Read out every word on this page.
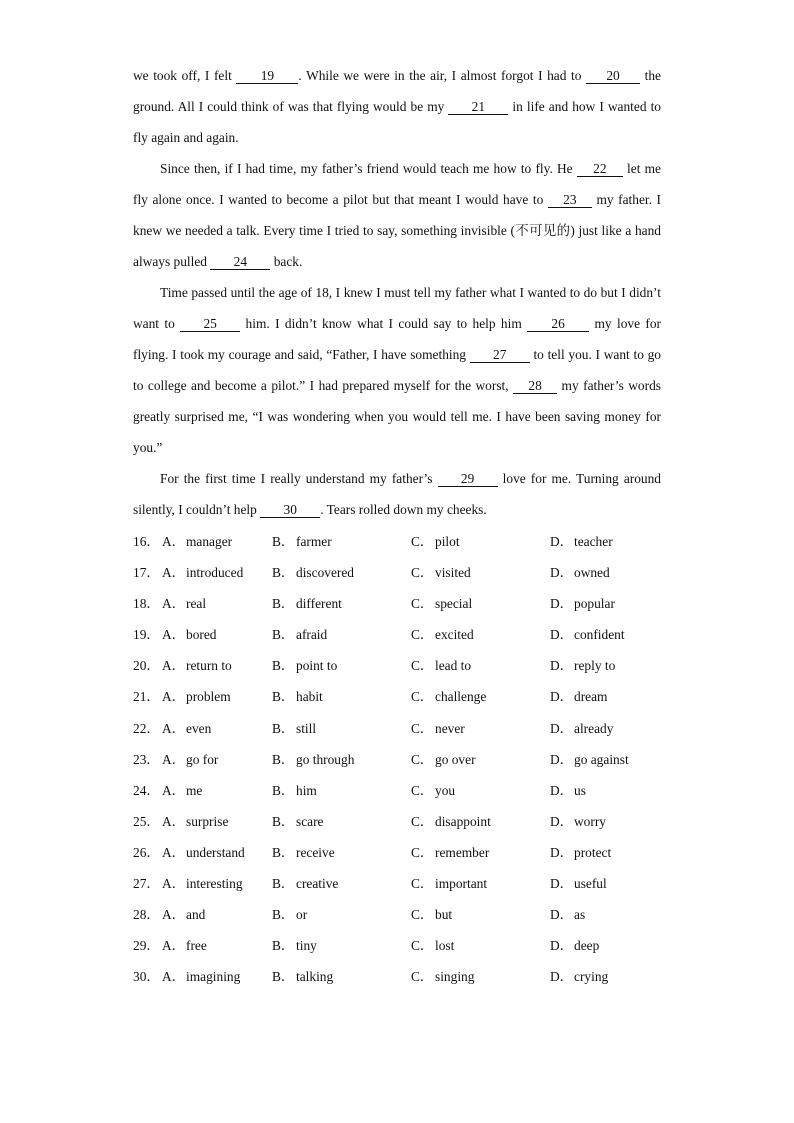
we took off, I felt 19 . While we were in the air, I almost forgot I had to 20 the ground. All I could think of was that flying would be my 21 in life and how I wanted to fly again and again.

Since then, if I had time, my father’s friend would teach me how to fly. He 22 let me fly alone once. I wanted to become a pilot but that meant I would have to 23 my father. I knew we needed a talk. Every time I tried to say, something invisible (不可见的) just like a hand always pulled 24 back.

Time passed until the age of 18, I knew I must tell my father what I wanted to do but I didn’t want to 25 him. I didn’t know what I could say to help him 26 my love for flying. I took my courage and said, “Father, I have something 27 to tell you. I want to go to college and become a pilot.” I had prepared myself for the worst, 28 my father’s words greatly surprised me, “I was wondering when you would tell me. I have been saving money for you.”

For the first time I really understand my father’s 29 love for me. Turning around silently, I couldn’t help 30 . Tears rolled down my cheeks.

16． A． manager	B． farmer	C． pilot	D． teacher
17． A． introduced B． discovered	C． visited	D． owned
18． A． real	B． different	C． special	D． popular
19． A． bored	B． afraid	C． excited	D． confident
20． A． return to	B． point to	C． lead to	D． reply to
21． A． problem	B． habit	C． challenge	D． dream
22． A． even	B． still	C． never	D． already
23． A． go for	B． go through	C． go over	D． go against
24． A． me	B． him	C． you	D． us
25． A． surprise	B． scare	C． disappoint	D． worry
26． A． understand B． receive	C． remember	D． protect
27． A． interesting B． creative	C． important	D． useful
28． A． and	B． or	C． but	D． as
29． A． free	B． tiny	C． lost	D． deep
30． A． imagining B． talking	C． singing	D． crying
